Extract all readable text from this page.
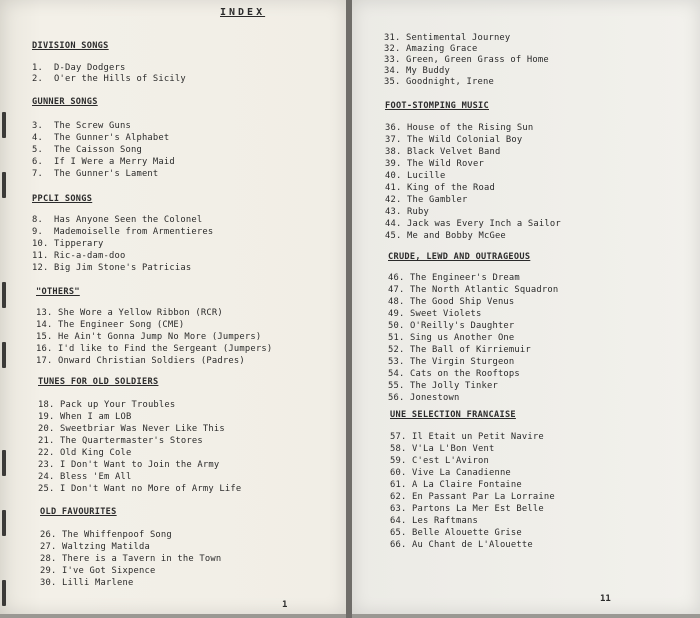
INDEX
DIVISION SONGS
1. D-Day Dodgers
2. O'er the Hills of Sicily
GUNNER SONGS
3. The Screw Guns
4. The Gunner's Alphabet
5. The Caisson Song
6. If I Were a Merry Maid
7. The Gunner's Lament
PPCLI SONGS
8. Has Anyone Seen the Colonel
9. Mademoiselle from Armentieres
10. Tipperary
11. Ric-a-dam-doo
12. Big Jim Stone's Patricias
"OTHERS"
13. She Wore a Yellow Ribbon (RCR)
14. The Engineer Song (CME)
15. He Ain't Gonna Jump No More (Jumpers)
16. I'd like to Find the Sergeant (Jumpers)
17. Onward Christian Soldiers (Padres)
TUNES FOR OLD SOLDIERS
18. Pack up Your Troubles
19. When I am LOB
20. Sweetbriar Was Never Like This
21. The Quartermaster's Stores
22. Old King Cole
23. I Don't Want to Join the Army
24. Bless 'Em All
25. I Don't Want no More of Army Life
OLD FAVOURITES
26. The Whiffenpoof Song
27. Waltzing Matilda
28. There is a Tavern in the Town
29. I've Got Sixpence
30. Lilli Marlene
1
31. Sentimental Journey
32. Amazing Grace
33. Green, Green Grass of Home
34. My Buddy
35. Goodnight, Irene
FOOT-STOMPING MUSIC
36. House of the Rising Sun
37. The Wild Colonial Boy
38. Black Velvet Band
39. The Wild Rover
40. Lucille
41. King of the Road
42. The Gambler
43. Ruby
44. Jack was Every Inch a Sailor
45. Me and Bobby McGee
CRUDE, LEWD AND OUTRAGEOUS
46. The Engineer's Dream
47. The North Atlantic Squadron
48. The Good Ship Venus
49. Sweet Violets
50. O'Reilly's Daughter
51. Sing us Another One
52. The Ball of Kirriemuir
53. The Virgin Sturgeon
54. Cats on the Rooftops
55. The Jolly Tinker
56. Jonestown
UNE SELECTION FRANCAISE
57. Il Etait un Petit Navire
58. V'La L'Bon Vent
59. C'est L'Aviron
60. Vive La Canadienne
61. A La Claire Fontaine
62. En Passant Par La Lorraine
63. Partons La Mer Est Belle
64. Les Raftmans
65. Belle Alouette Grise
66. Au Chant de L'Alouette
11
